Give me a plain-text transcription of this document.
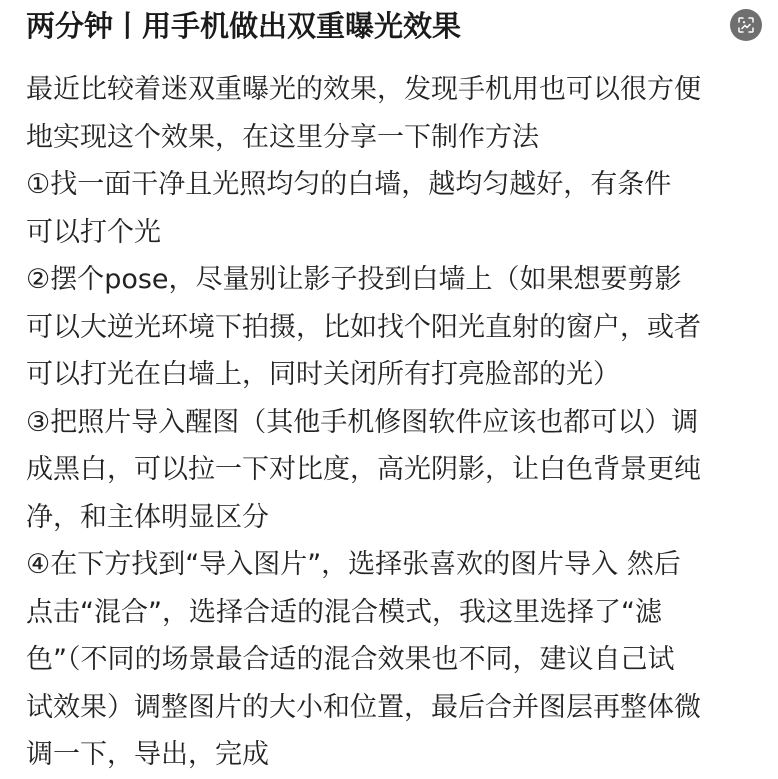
两分钟丨用手机做出双重曝光效果
最近比较着迷双重曝光的效果，发现手机用也可以很方便
地实现这个效果，在这里分享一下制作方法
①找一面干净且光照均匀的白墙，越均匀越好，有条件
可以打个光
②摆个pose，尽量别让影子投到白墙上（如果想要剪影
可以大逆光环境下拍摄，比如找个阳光直射的窗户，或者
可以打光在白墙上，同时关闭所有打亮脸部的光）
③把照片导入醒图（其他手机修图软件应该也都可以）调
成黑白，可以拉一下对比度，高光阴影，让白色背景更纯
净，和主体明显区分
④在下方找到“导入图片”，选择张喜欢的图片导入 然后
点击“混合”，选择合适的混合模式，我这里选择了“滤
色”（不同的场景最合适的混合效果也不同，建议自己试
试效果）调整图片的大小和位置，最后合并图层再整体微
调一下，导出，完成
